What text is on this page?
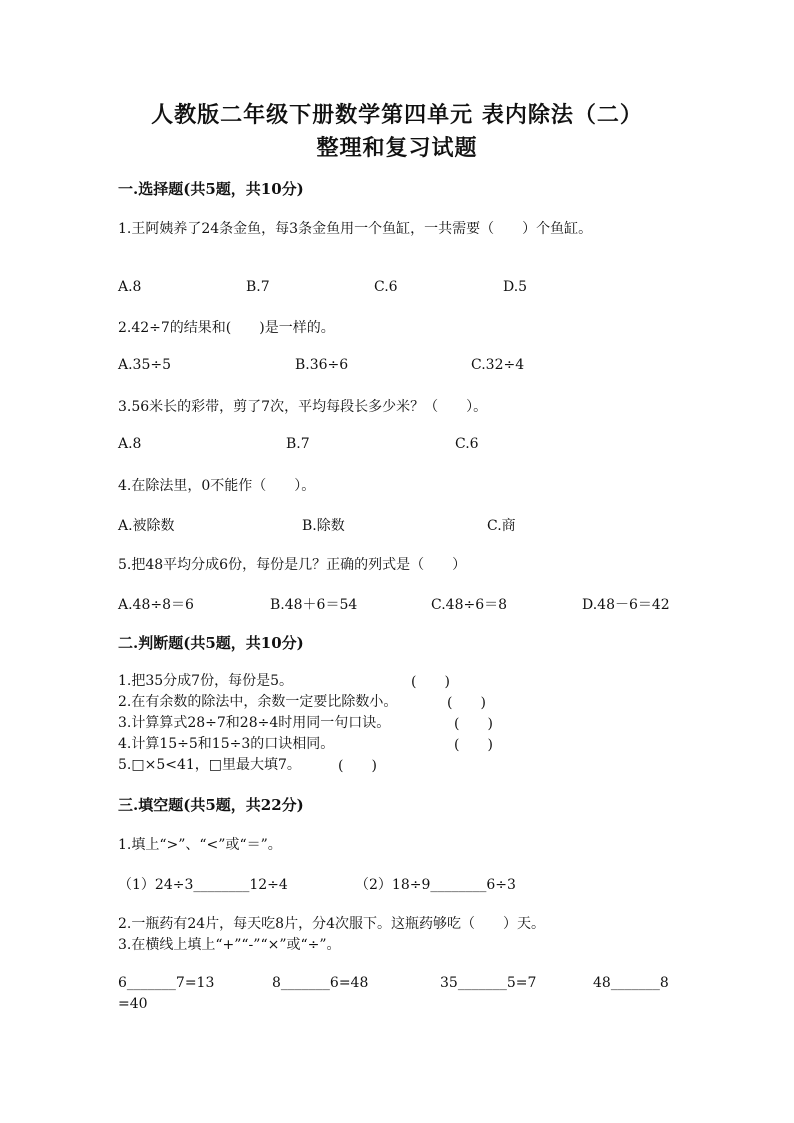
人教版二年级下册数学第四单元 表内除法（二）
整理和复习试题
一.选择题(共5题，共10分)
1.王阿姨养了24条金鱼，每3条金鱼用一个鱼缸，一共需要（　　）个鱼缸。
A.8	B.7	C.6	D.5
2.42÷7的结果和(　　)是一样的。
A.35÷5	B.36÷6	C.32÷4
3.56米长的彩带，剪了7次，平均每段长多少米？（　　）。
A.8	B.7	C.6
4.在除法里，0不能作（　　）。
A.被除数	B.除数	C.商
5.把48平均分成6份，每份是几？正确的列式是（　　）
A.48÷8＝6	B.48＋6＝54	C.48÷6＝8	D.48－6＝42
二.判断题(共5题，共10分)
1.把35分成7份，每份是5。	(　　)
2.在有余数的除法中，余数一定要比除数小。	(　　)
3.计算算式28÷7和28÷4时用同一句口诀。	(　　)
4.计算15÷5和15÷3的口诀相同。	(　　)
5.□×5<41，□里最大填7。	(　　)
三.填空题(共5题，共22分)
1.填上“>”、“<”或“＝”。
（1）24÷3________12÷4	（2）18÷9________6÷3
2.一瓶药有24片，每天吃8片，分4次服下。这瓶药够吃（　　）天。
3.在横线上填上“+”“-”“×”或“÷”。
6_______7=13	8_______6=48	35_______5=7	48_______8
=40
